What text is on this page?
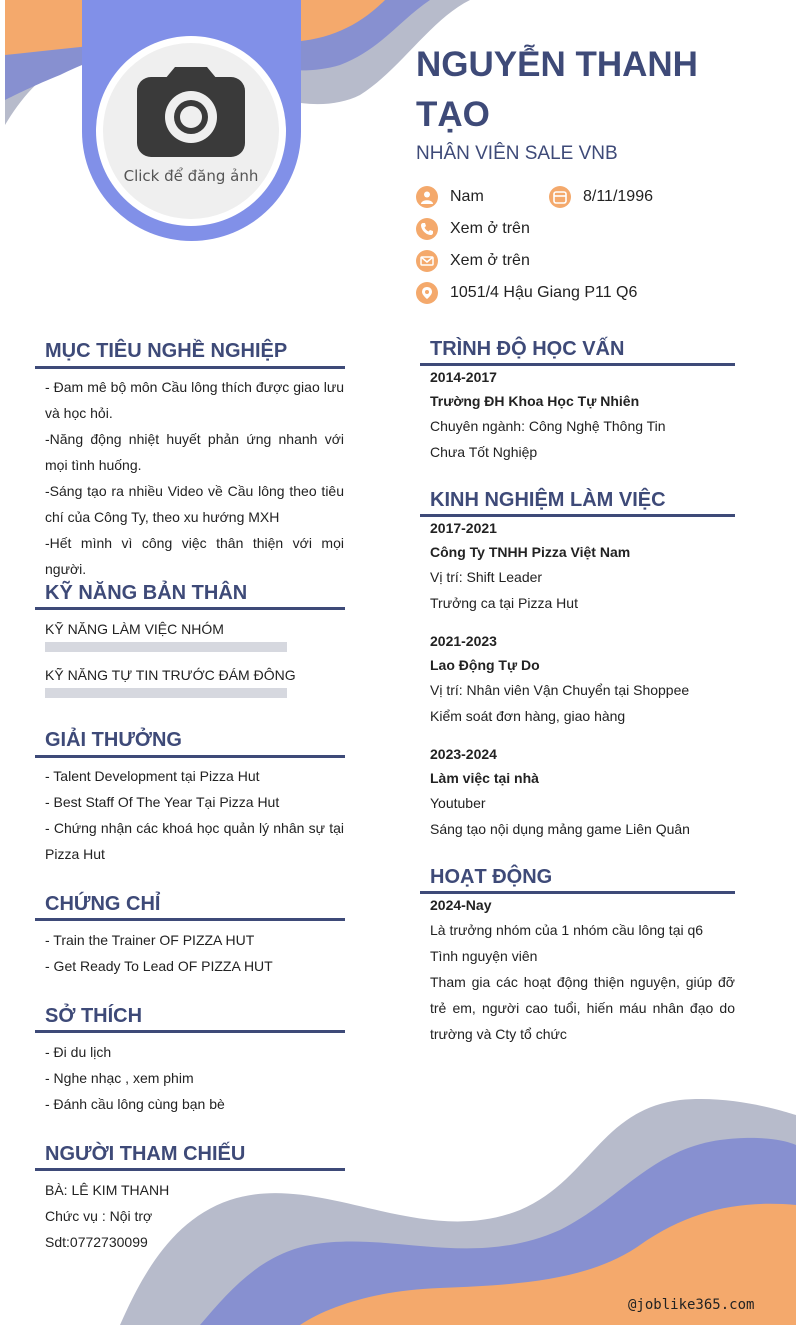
Click để đăng ảnh
NGUYỄN THANH TẠO
NHÂN VIÊN SALE VNB
Nam	8/11/1996
Xem ở trên
Xem ở trên
1051/4 Hậu Giang P11 Q6
MỤC TIÊU NGHỀ NGHIỆP
- Đam mê bộ môn Cầu lông thích được giao lưu và học hỏi.
-Năng động nhiệt huyết phản ứng nhanh với mọi tình huống.
-Sáng tạo ra nhiều Video về Cầu lông theo tiêu chí của Công Ty, theo xu hướng MXH
-Hết mình vì công việc thân thiện với mọi người.
KỸ NĂNG BẢN THÂN
KỸ NĂNG LÀM VIỆC NHÓM
KỸ NĂNG TỰ TIN TRƯỚC ĐÁM ĐÔNG
GIẢI THƯỞNG
- Talent Development tại Pizza Hut
- Best Staff Of The Year Tại Pizza Hut
- Chứng nhận các khoá học quản lý nhân sự tại Pizza Hut
CHỨNG CHỈ
- Train the Trainer OF PIZZA HUT
- Get Ready To Lead OF PIZZA HUT
SỞ THÍCH
- Đi du lịch
- Nghe nhạc , xem phim
- Đánh cầu lông cùng bạn bè
NGƯỜI THAM CHIẾU
BÀ: LÊ KIM THANH
Chức vụ : Nội trợ
Sdt:0772730099
TRÌNH ĐỘ HỌC VẤN
2014-2017
Trường ĐH Khoa Học Tự Nhiên
Chuyên ngành: Công Nghệ Thông Tin
Chưa Tốt Nghiệp
KINH NGHIỆM LÀM VIỆC
2017-2021
Công Ty TNHH Pizza Việt Nam
Vị trí: Shift Leader
Trưởng ca tại Pizza Hut
2021-2023
Lao Động Tự Do
Vị trí: Nhân viên Vận Chuyển tại Shoppee
Kiểm soát đơn hàng, giao hàng
2023-2024
Làm việc tại nhà
Youtuber
Sáng tạo nội dụng mảng game Liên Quân
HOẠT ĐỘNG
2024-Nay
Là trưởng nhóm của 1 nhóm cầu lông tại q6
Tình nguyện viên
Tham gia các hoạt động thiện nguyện, giúp đỡ trẻ em, người cao tuổi, hiến máu nhân đạo do trường và Cty tổ chức
@joblike365.com
